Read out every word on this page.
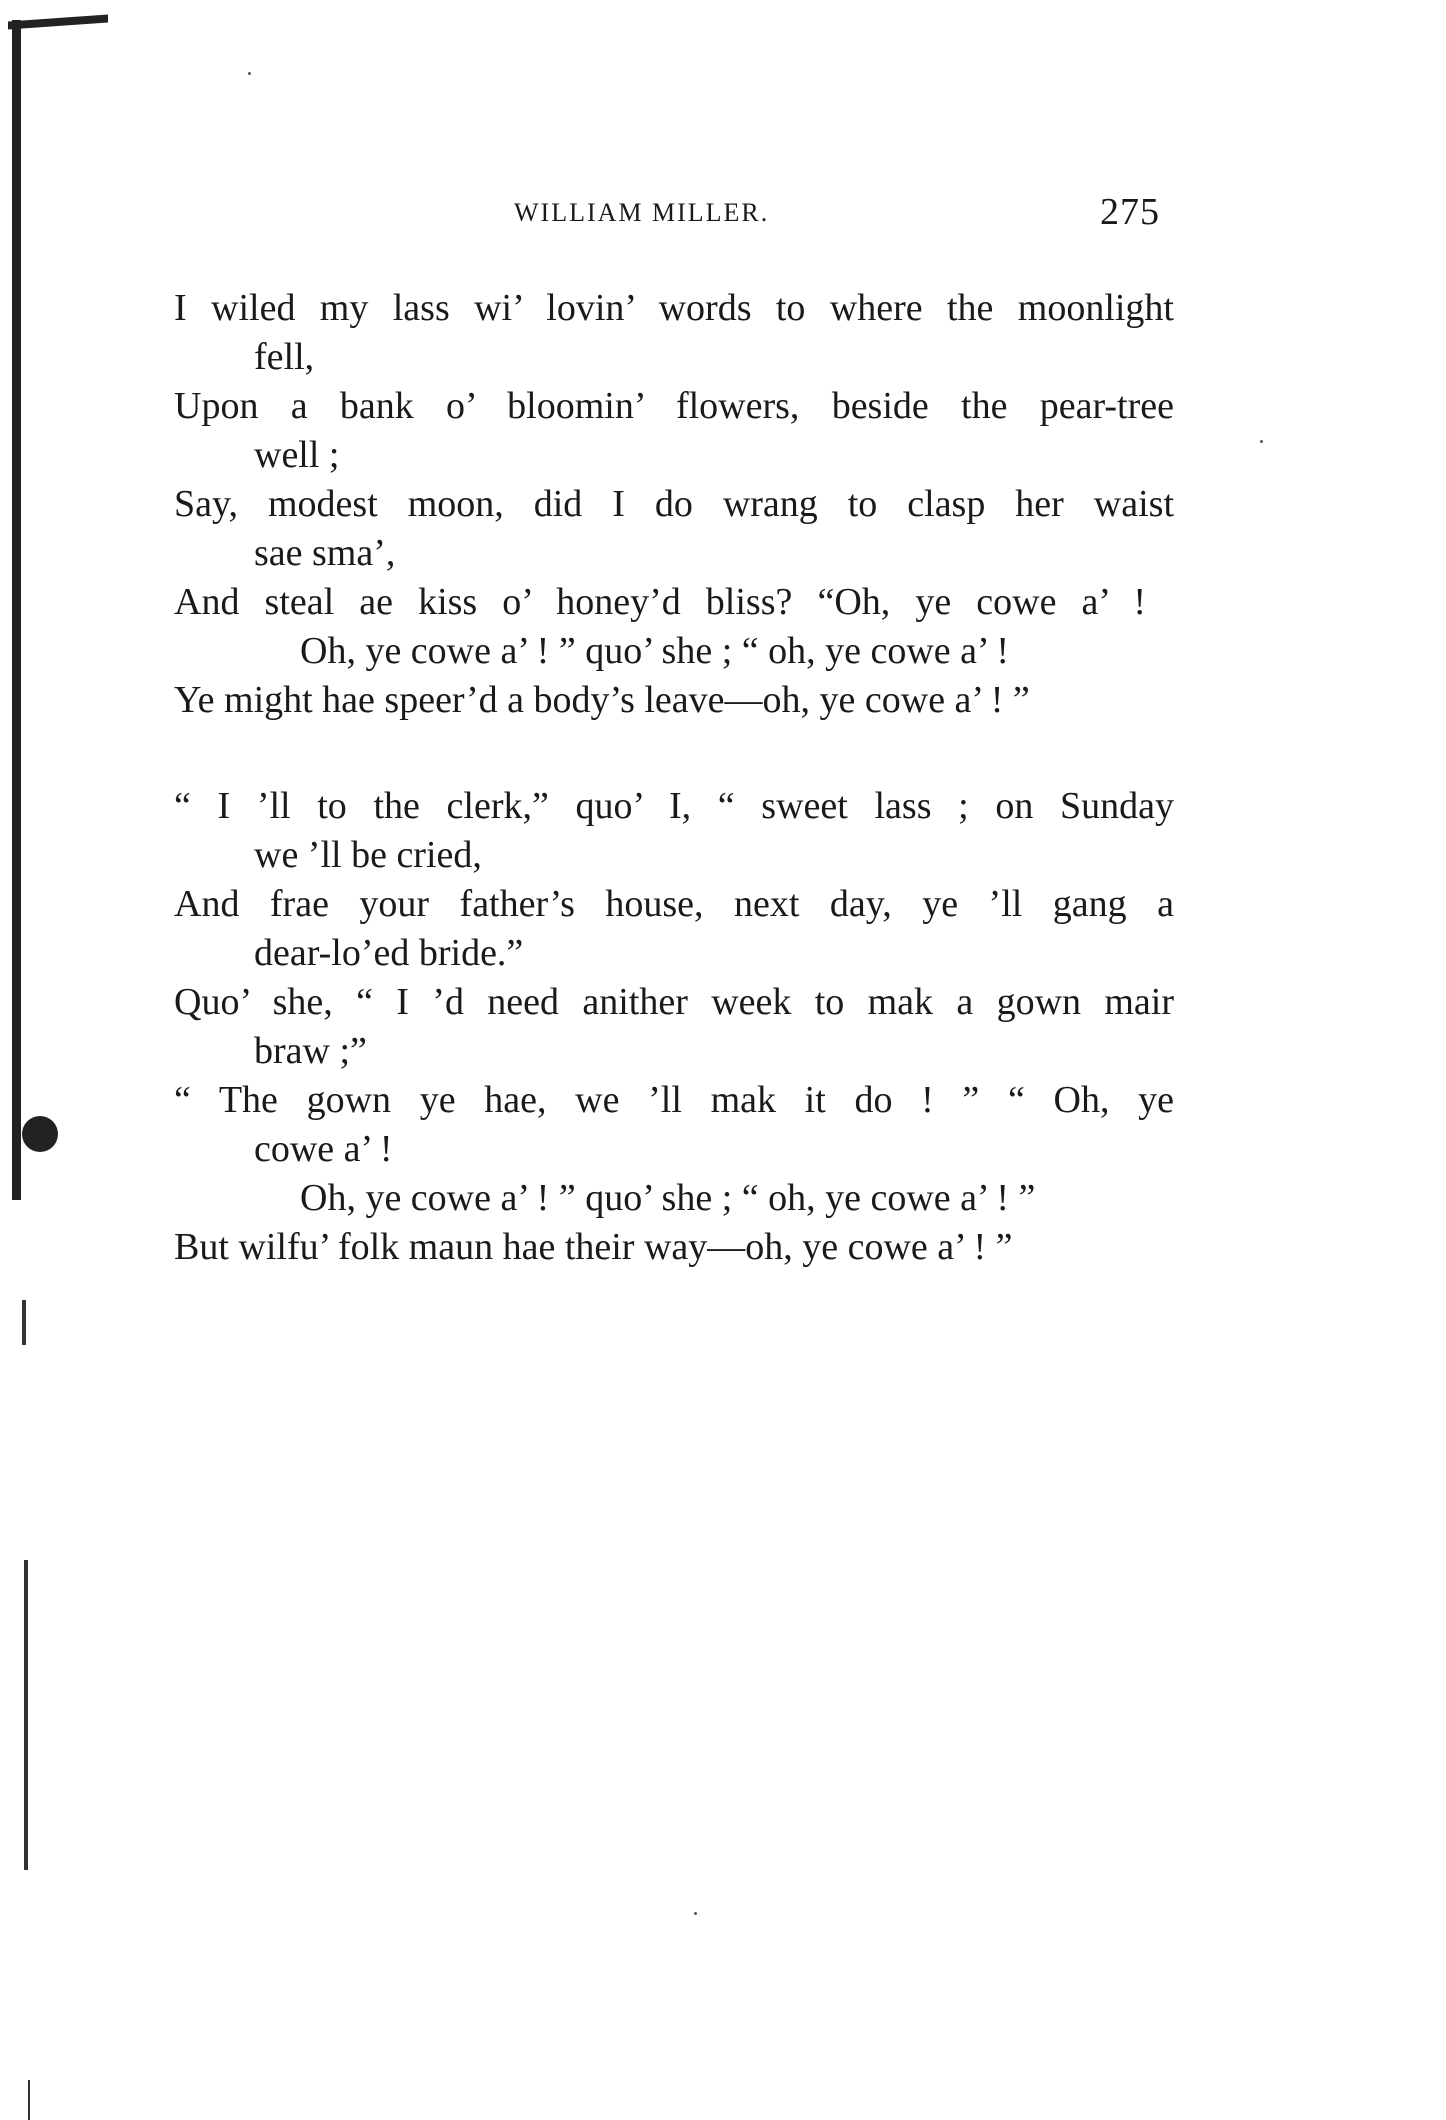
WILLIAM MILLER.	275
I wiled my lass wi’ lovin’ words to where the moonlight
fell,
Upon a bank o’ bloomin’ flowers, beside the pear-tree
well ;
Say, modest moon, did I do wrang to clasp her waist
sae sma’,
And steal ae kiss o’ honey’d bliss? “Oh, ye cowe a’ !
Oh, ye cowe a’ ! ” quo’ she ; “ oh, ye cowe a’ !
Ye might hae speer’d a body’s leave—oh, ye cowe a’ ! ”
“ I ’ll to the clerk,” quo’ I, “ sweet lass ; on Sunday
we ’ll be cried,
And frae your father’s house, next day, ye ’ll gang a
dear-lo’ed bride.”
Quo’ she, “ I ’d need anither week to mak a gown mair
braw ;”
“ The gown ye hae, we ’ll mak it do ! ” “ Oh, ye
cowe a’ !
Oh, ye cowe a’ ! ” quo’ she ; “ oh, ye cowe a’ ! ”
But wilfu’ folk maun hae their way—oh, ye cowe a’ ! ”
